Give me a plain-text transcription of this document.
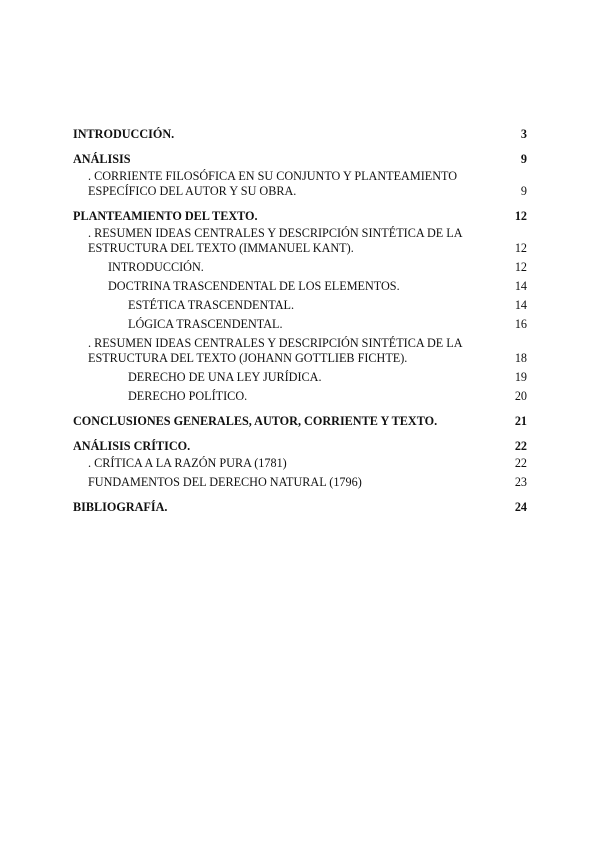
INTRODUCCIÓN.	3
ANÁLISIS	9
. CORRIENTE FILOSÓFICA EN SU CONJUNTO Y PLANTEAMIENTO ESPECÍFICO DEL AUTOR Y SU OBRA.	9
PLANTEAMIENTO DEL TEXTO.	12
. RESUMEN IDEAS CENTRALES Y DESCRIPCIÓN SINTÉTICA DE LA ESTRUCTURA DEL TEXTO (IMMANUEL KANT).	12
INTRODUCCIÓN.	12
DOCTRINA TRASCENDENTAL DE LOS ELEMENTOS.	14
ESTÉTICA TRASCENDENTAL.	14
LÓGICA TRASCENDENTAL.	16
. RESUMEN IDEAS CENTRALES Y DESCRIPCIÓN SINTÉTICA DE LA ESTRUCTURA DEL TEXTO (JOHANN GOTTLIEB FICHTE).	18
DERECHO DE UNA LEY JURÍDICA.	19
DERECHO POLÍTICO.	20
CONCLUSIONES GENERALES, AUTOR, CORRIENTE Y TEXTO.	21
ANÁLISIS CRÍTICO.	22
. CRÍTICA A LA RAZÓN PURA (1781)	22
FUNDAMENTOS DEL DERECHO NATURAL (1796)	23
BIBLIOGRAFÍA.	24
